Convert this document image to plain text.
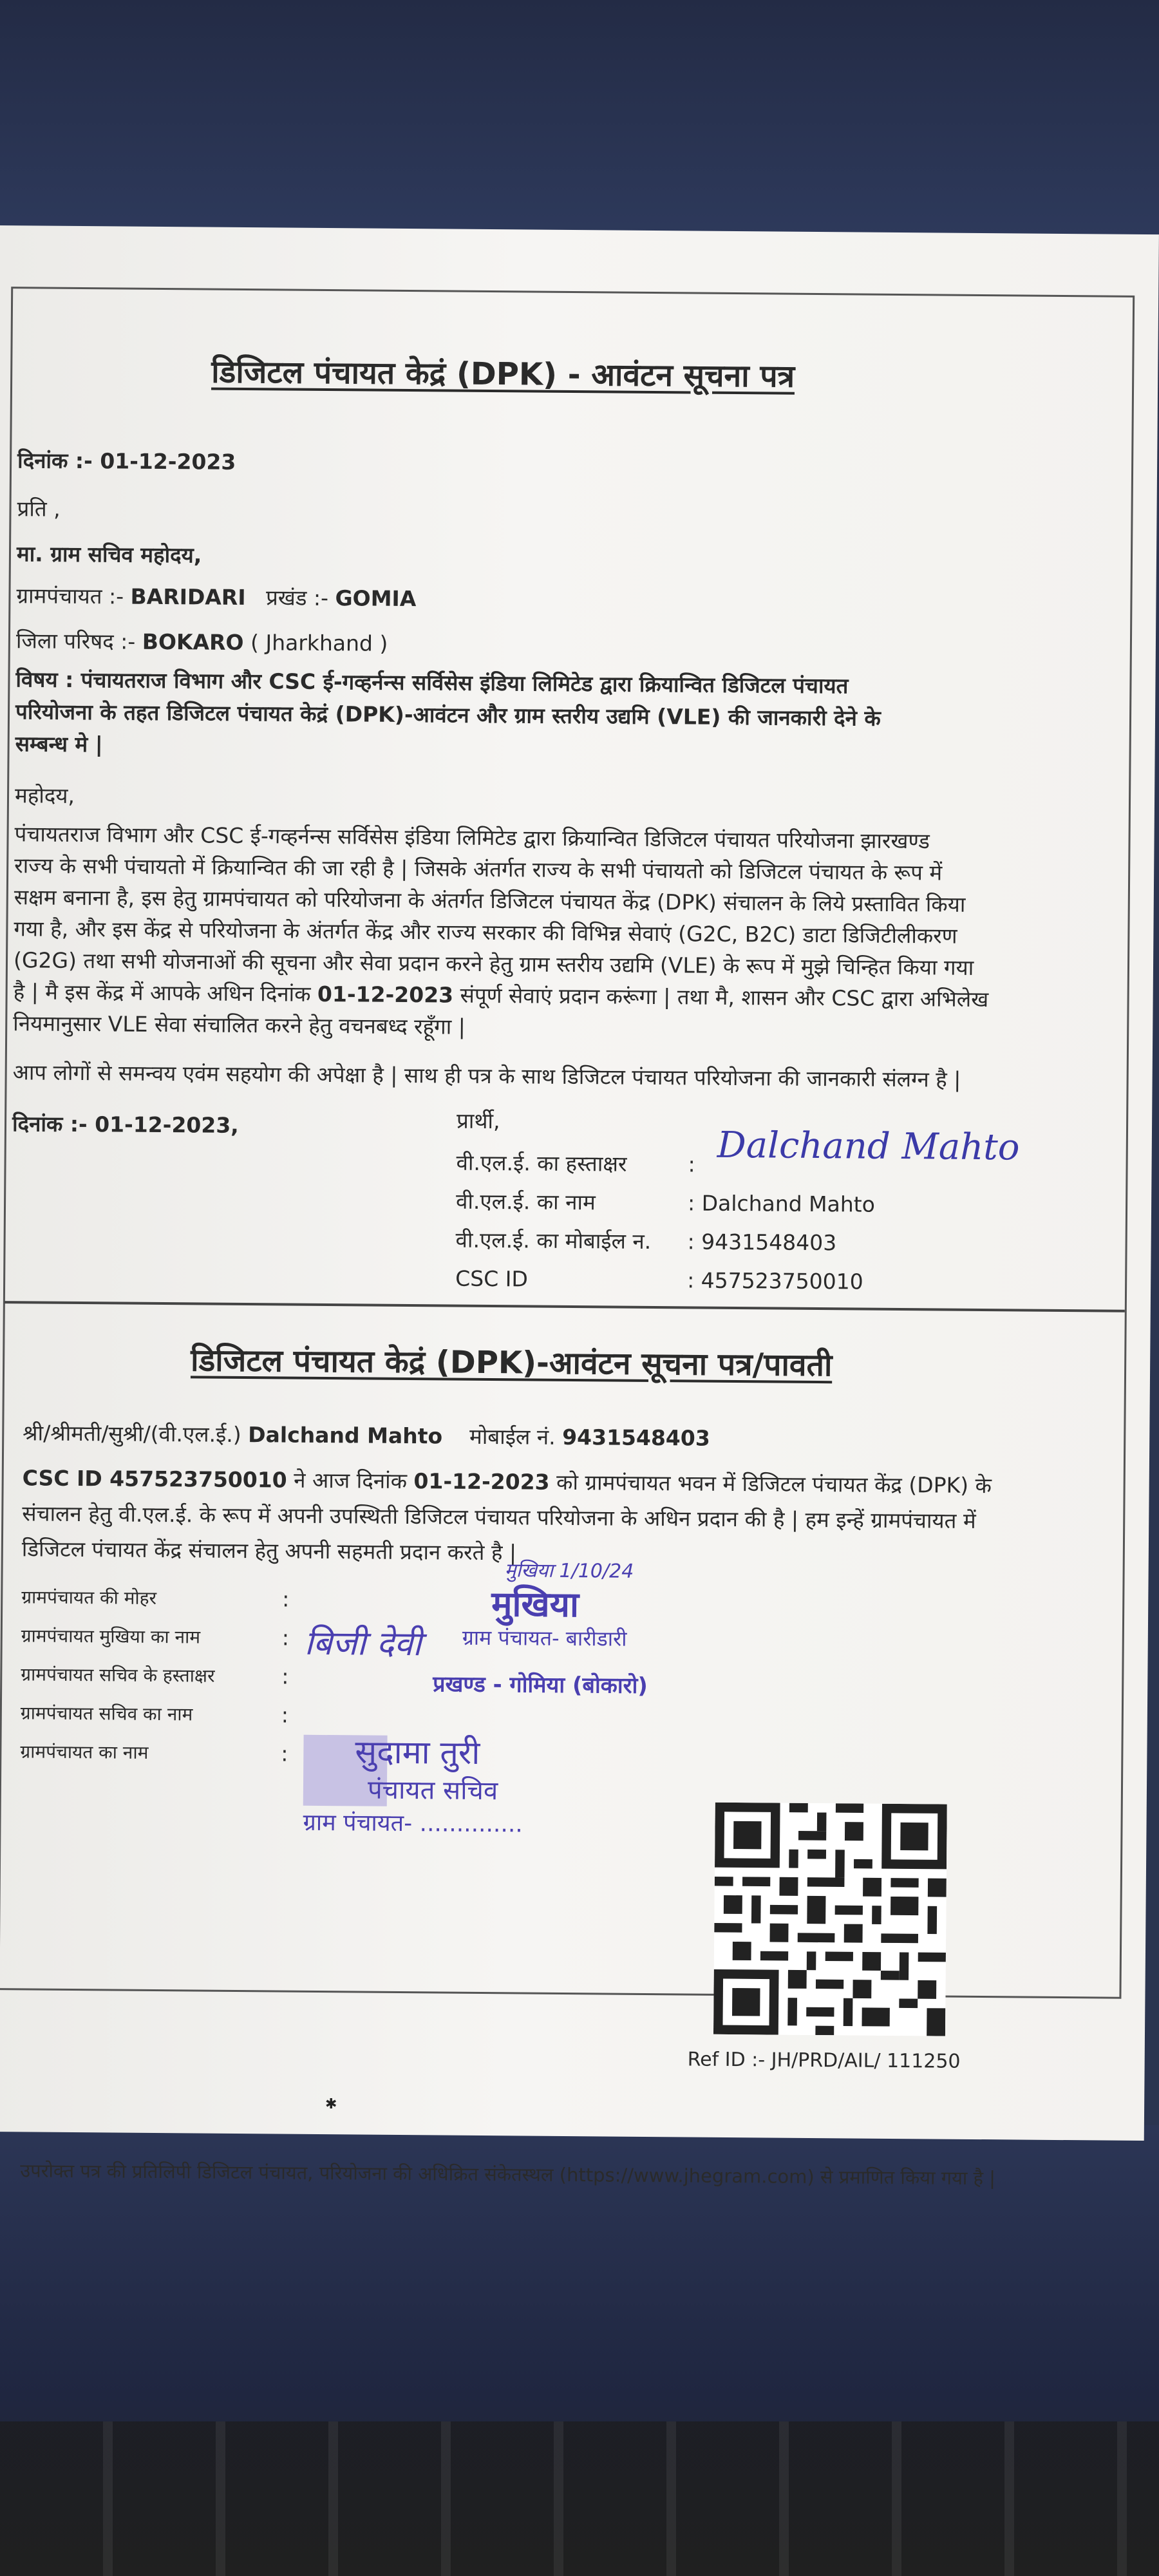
डिजिटल पंचायत केद्रं (DPK) - आवंटन सूचना पत्र
दिनांक :- 01-12-2023
प्रति ,
मा. ग्राम सचिव महोदय,
ग्रामपंचायत :- BARIDARI प्रखंड :- GOMIA
जिला परिषद :- BOKARO ( Jharkhand )
विषय : पंचायतराज विभाग और CSC ई-गव्हर्नन्स सर्विसेस इंडिया लिमिटेड द्वारा क्रियान्वित डिजिटल पंचायत
परियोजना के तहत डिजिटल पंचायत केद्रं (DPK)-आवंटन और ग्राम स्तरीय उद्यमि (VLE) की जानकारी देने के
सम्बन्ध मे |
महोदय,
पंचायतराज विभाग और CSC ई-गव्हर्नन्स सर्विसेस इंडिया लिमिटेड द्वारा क्रियान्वित डिजिटल पंचायत परियोजना झारखण्ड
राज्य के सभी पंचायतो में क्रियान्वित की जा रही है | जिसके अंतर्गत राज्य के सभी पंचायतो को डिजिटल पंचायत के रूप में
सक्षम बनाना है, इस हेतु ग्रामपंचायत को परियोजना के अंतर्गत डिजिटल पंचायत केंद्र (DPK) संचालन के लिये प्रस्तावित किया
गया है, और इस केंद्र से परियोजना के अंतर्गत केंद्र और राज्य सरकार की विभिन्न सेवाएं (G2C, B2C) डाटा डिजिटीलीकरण
(G2G) तथा सभी योजनाओं की सूचना और सेवा प्रदान करने हेतु ग्राम स्तरीय उद्यमि (VLE) के रूप में मुझे चिन्हित किया गया
है | मै इस केंद्र में आपके अधिन दिनांक 01-12-2023 संपूर्ण सेवाएं प्रदान करूंगा | तथा मै, शासन और CSC द्वारा अभिलेख
नियमानुसार VLE सेवा संचालित करने हेतु वचनबध्द रहूँगा |
आप लोगों से समन्वय एवंम सहयोग की अपेक्षा है | साथ ही पत्र के साथ डिजिटल पंचायत परियोजना की जानकारी संलग्न है |
दिनांक :- 01-12-2023,	प्रार्थी,
वी.एल.ई. का हस्ताक्षर	: Dalchand Mahto
वी.एल.ई. का नाम	: Dalchand Mahto
वी.एल.ई. का मोबाईल न. : 9431548403
CSC ID	: 457523750010
डिजिटल पंचायत केद्रं (DPK)-आवंटन सूचना पत्र/पावती
श्री/श्रीमती/सुश्री/(वी.एल.ई.) Dalchand Mahto मोबाईल नं. 9431548403
CSC ID 457523750010 ने आज दिनांक 01-12-2023 को ग्रामपंचायत भवन में डिजिटल पंचायत केंद्र (DPK) के
संचालन हेतु वी.एल.ई. के रूप में अपनी उपस्थिती डिजिटल पंचायत परियोजना के अधिन प्रदान की है | हम इन्हें ग्रामपंचायत में
डिजिटल पंचायत केंद्र संचालन हेतु अपनी सहमती प्रदान करते है |
ग्रामपंचायत की मोहर	:
ग्रामपंचायत मुखिया का नाम	:
ग्रामपंचायत सचिव के हस्ताक्षर	:
ग्रामपंचायत सचिव का नाम	:
ग्रामपंचायत का नाम	:
मुखिया 1/10/24
मुखिया
बिजी देवी ग्राम पंचायत- बारीडारी
प्रखण्ड - गोमिया (बोकारो)
सुदामा तुरी
पंचायत सचिव
ग्राम पंचायत- ..............
Ref ID :- JH/PRD/AIL/ 111250
उपरोक्त पत्र की प्रतिलिपी डिजिटल पंचायत, परियोजना की अधिक्रित संकेतस्थल (https://www.jhegram.com) से प्रमाणित किया गया है |
✱
